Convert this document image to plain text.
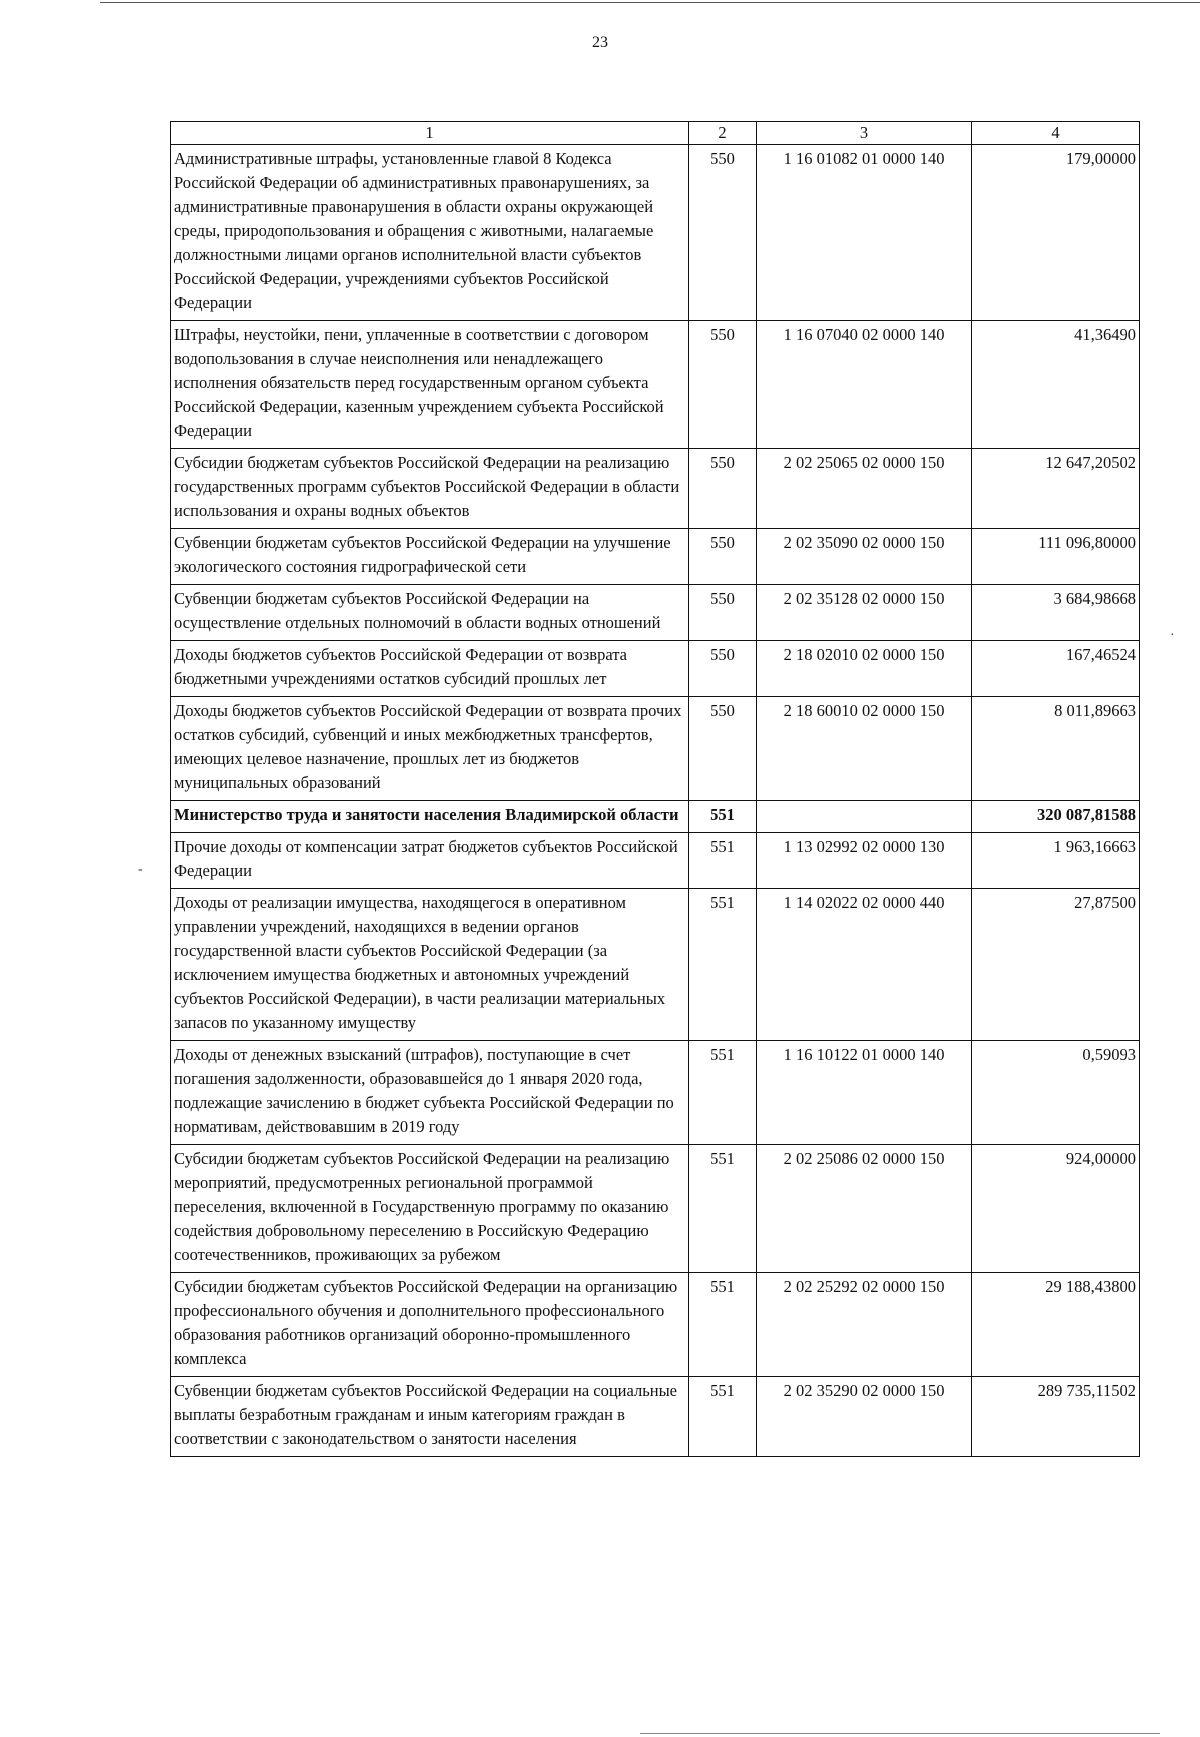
23
1	2	3	4
Административные штрафы, установленные главой 8 Кодекса Российской Федерации об административных правонарушениях, за административные правонарушения в области охраны окружающей среды, природопользования и обращения с животными, налагаемые должностными лицами органов исполнительной власти субъектов Российской Федерации, учреждениями субъектов Российской Федерации	550	1 16 01082 01 0000 140	179,00000
Штрафы, неустойки, пени, уплаченные в соответствии с договором водопользования в случае неисполнения или ненадлежащего исполнения обязательств перед государственным органом субъекта Российской Федерации, казенным учреждением субъекта Российской Федерации	550	1 16 07040 02 0000 140	41,36490
Субсидии бюджетам субъектов Российской Федерации на реализацию государственных программ субъектов Российской Федерации в области использования и охраны водных объектов	550	2 02 25065 02 0000 150	12 647,20502
Субвенции бюджетам субъектов Российской Федерации на улучшение экологического состояния гидрографической сети	550	2 02 35090 02 0000 150	111 096,80000
Субвенции бюджетам субъектов Российской Федерации на осуществление отдельных полномочий в области водных отношений	550	2 02 35128 02 0000 150	3 684,98668
Доходы бюджетов субъектов Российской Федерации от возврата бюджетными учреждениями остатков субсидий прошлых лет	550	2 18 02010 02 0000 150	167,46524
Доходы бюджетов субъектов Российской Федерации от возврата прочих остатков субсидий, субвенций и иных межбюджетных трансфертов, имеющих целевое назначение, прошлых лет из бюджетов муниципальных образований	550	2 18 60010 02 0000 150	8 011,89663
Министерство труда и занятости населения Владимирской области	551		320 087,81588
Прочие доходы от компенсации затрат бюджетов субъектов Российской Федерации	551	1 13 02992 02 0000 130	1 963,16663
Доходы от реализации имущества, находящегося в оперативном управлении учреждений, находящихся в ведении органов государственной власти субъектов Российской Федерации (за исключением имущества бюджетных и автономных учреждений субъектов Российской Федерации), в части реализации материальных запасов по указанному имуществу	551	1 14 02022 02 0000 440	27,87500
Доходы от денежных взысканий (штрафов), поступающие в счет погашения задолженности, образовавшейся до 1 января 2020 года, подлежащие зачислению в бюджет субъекта Российской Федерации по нормативам, действовавшим в 2019 году	551	1 16 10122 01 0000 140	0,59093
Субсидии бюджетам субъектов Российской Федерации на реализацию мероприятий, предусмотренных региональной программой переселения, включенной в Государственную программу по оказанию содействия добровольному переселению в Российскую Федерацию соотечественников, проживающих за рубежом	551	2 02 25086 02 0000 150	924,00000
Субсидии бюджетам субъектов Российской Федерации на организацию профессионального обучения и дополнительного профессионального образования работников организаций оборонно-промышленного комплекса	551	2 02 25292 02 0000 150	29 188,43800
Субвенции бюджетам субъектов Российской Федерации на социальные выплаты безработным гражданам и иным категориям граждан в соответствии с законодательством о занятости населения	551	2 02 35290 02 0000 150	289 735,11502
-
·
